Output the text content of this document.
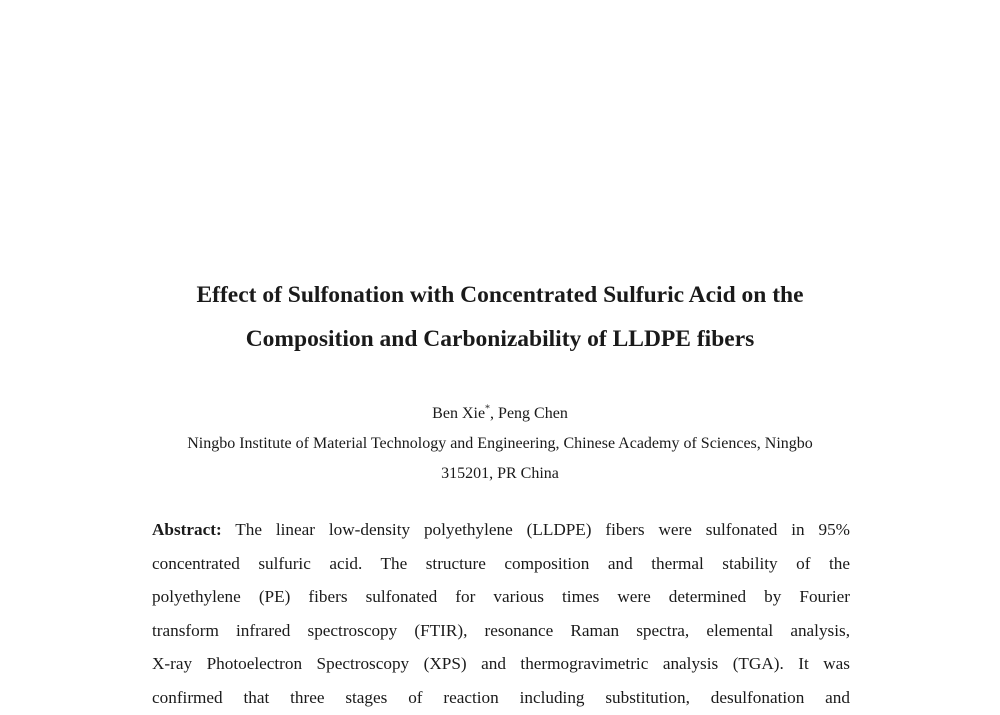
Effect of Sulfonation with Concentrated Sulfuric Acid on the
Composition and Carbonizability of LLDPE fibers
Ben Xie*, Peng Chen
Ningbo Institute of Material Technology and Engineering, Chinese Academy of Sciences, Ningbo
315201, PR China
Abstract: The linear low-density polyethylene (LLDPE) fibers were sulfonated in 95%
concentrated sulfuric acid. The structure composition and thermal stability of the
polyethylene (PE) fibers sulfonated for various times were determined by Fourier
transform infrared spectroscopy (FTIR), resonance Raman spectra, elemental analysis,
X-ray Photoelectron Spectroscopy (XPS) and thermogravimetric analysis (TGA). It was
confirmed that three stages of reaction including substitution, desulfonation and
